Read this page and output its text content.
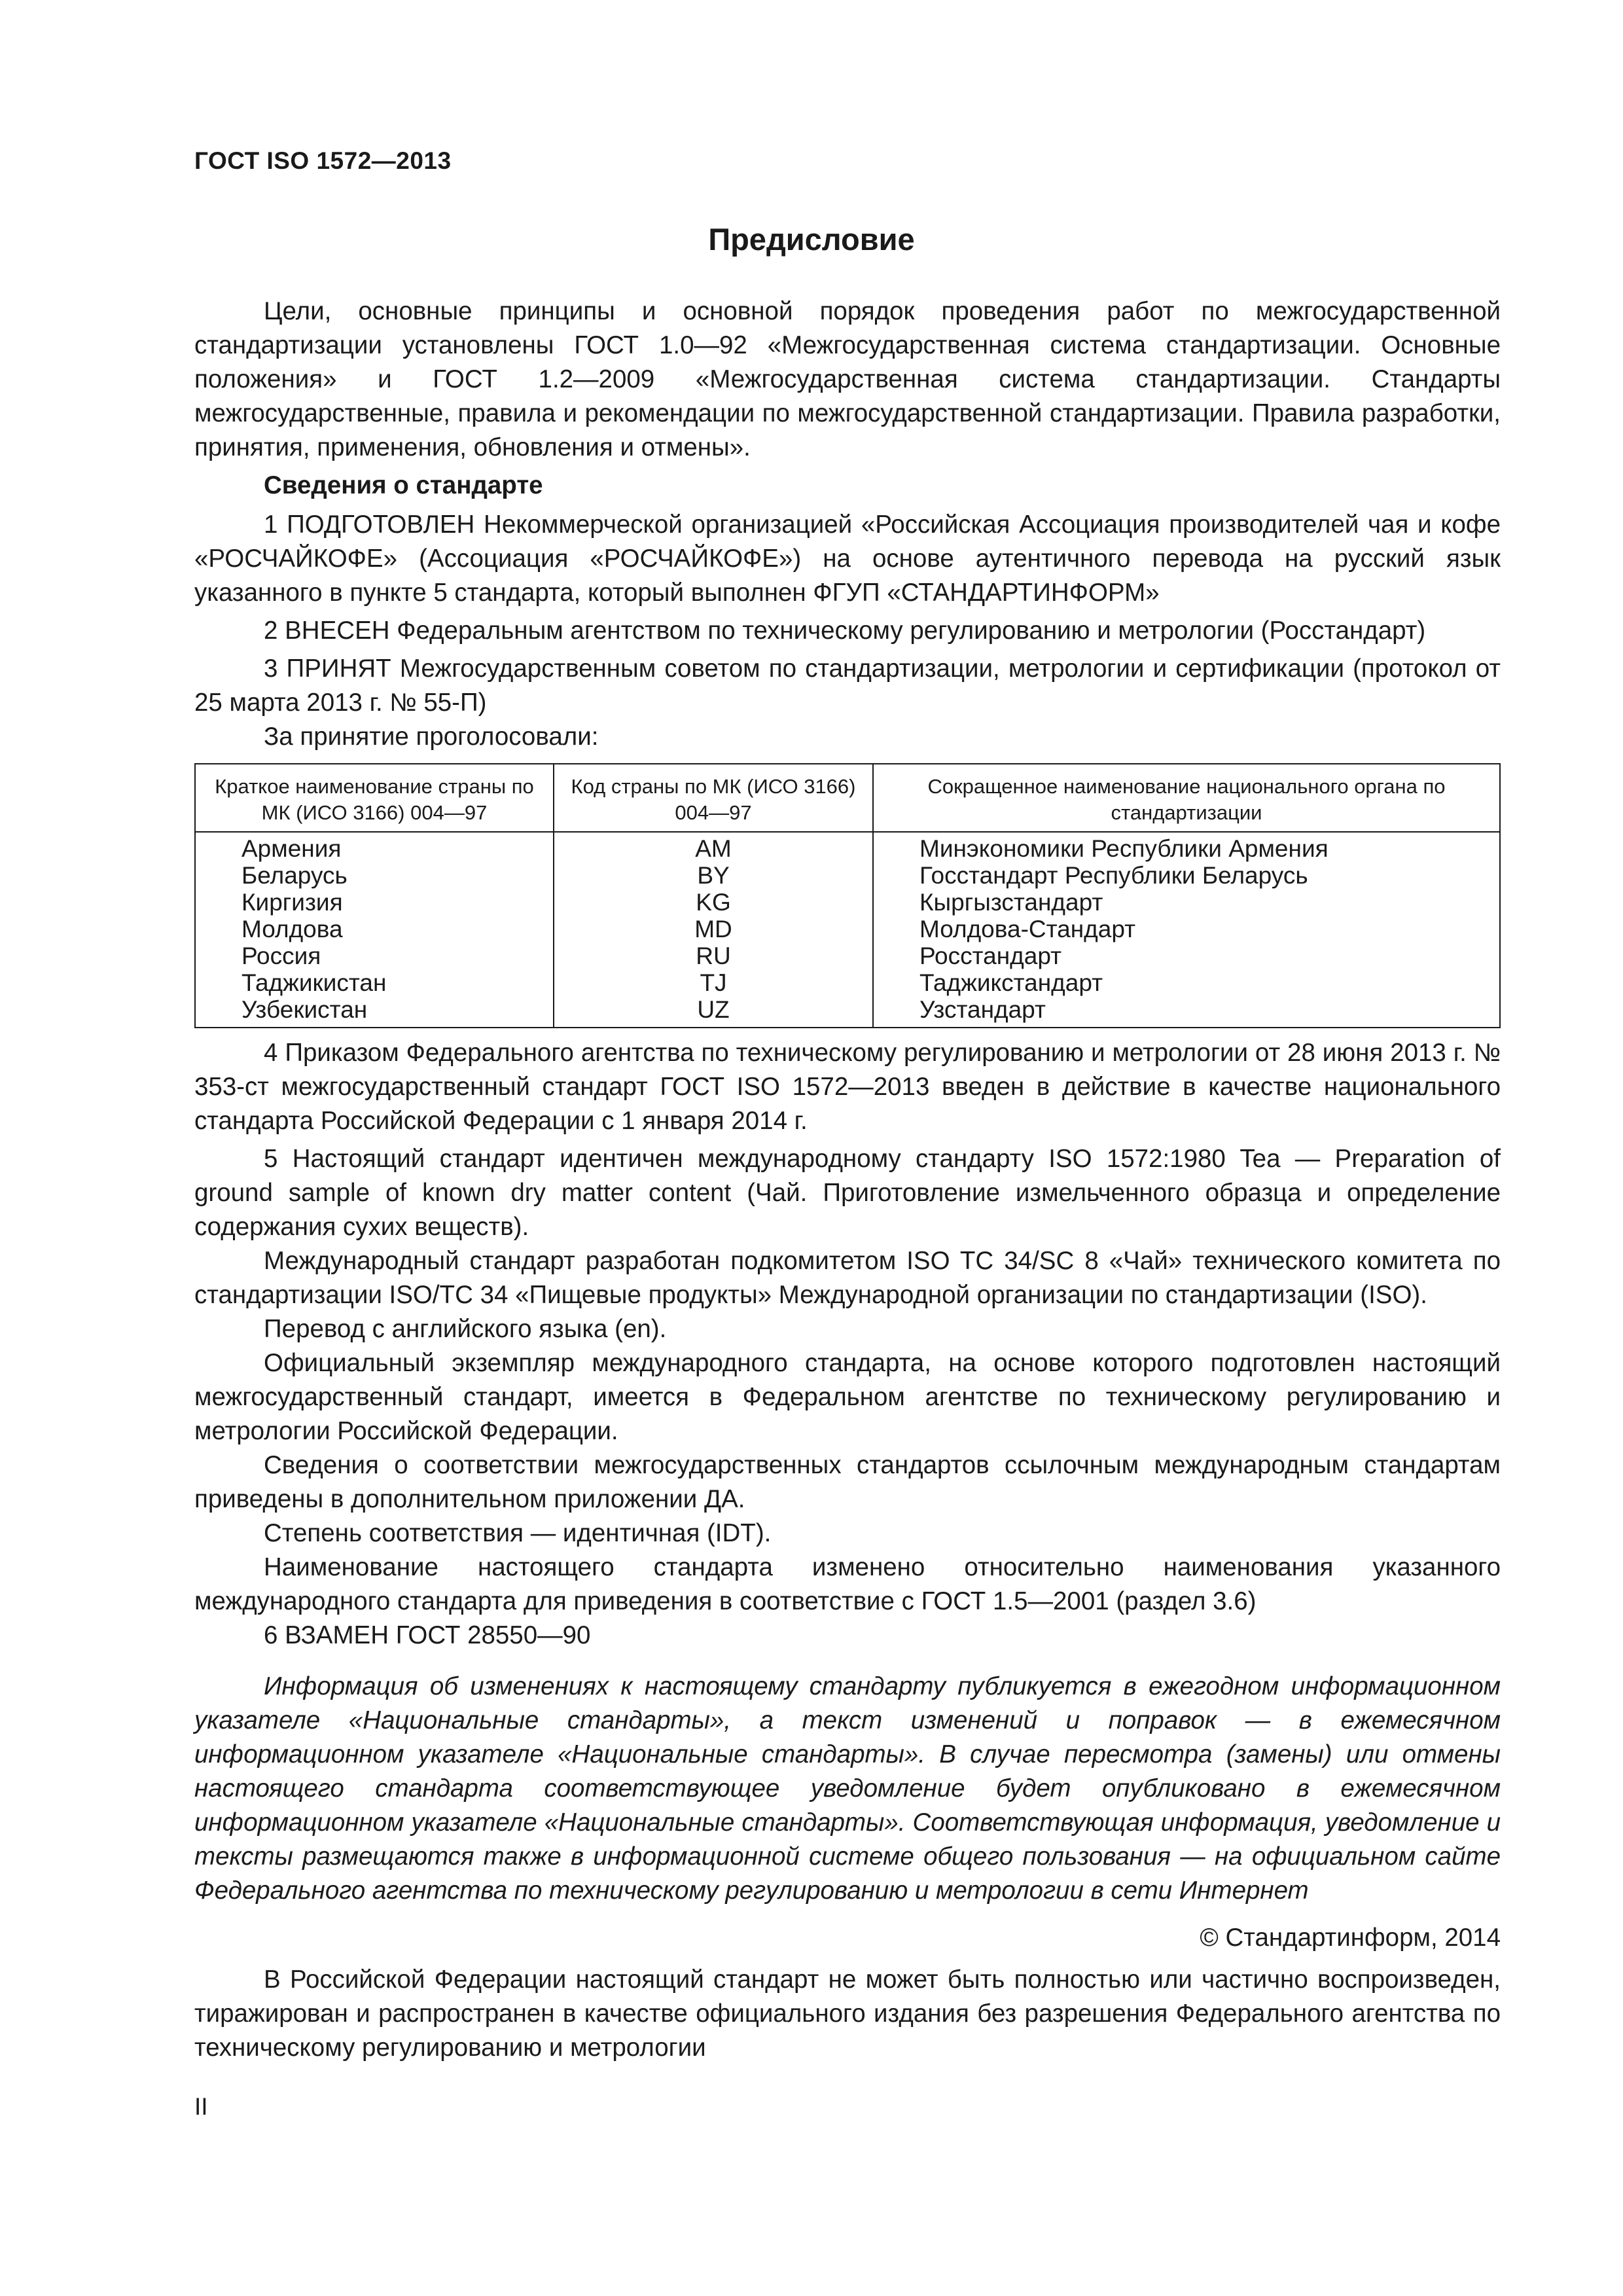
ГОСТ ISO 1572—2013
Предисловие

Цели, основные принципы и основной порядок проведения работ по межгосударственной стандартизации установлены ГОСТ 1.0—92 «Межгосударственная система стандартизации. Основные положения» и ГОСТ 1.2—2009 «Межгосударственная система стандартизации. Стандарты межгосударственные, правила и рекомендации по межгосударственной стандартизации. Правила разработки, принятия, применения, обновления и отмены».

Сведения о стандарте

1 ПОДГОТОВЛЕН Некоммерческой организацией «Российская Ассоциация производителей чая и кофе «РОСЧАЙКОФЕ» (Ассоциация «РОСЧАЙКОФЕ») на основе аутентичного перевода на русский язык указанного в пункте 5 стандарта, который выполнен ФГУП «СТАНДАРТИНФОРМ»

2 ВНЕСЕН Федеральным агентством по техническому регулированию и метрологии (Росстандарт)

3 ПРИНЯТ Межгосударственным советом по стандартизации, метрологии и сертификации (протокол от 25 марта 2013 г. № 55-П)

За принятие проголосовали:

Краткое наименование страны по МК (ИСО 3166) 004—97	Код страны по МК (ИСО 3166) 004—97	Сокращенное наименование национального органа по стандартизации
Армения	AM	Минэкономики Республики Армения
Беларусь	BY	Госстандарт Республики Беларусь
Киргизия	KG	Кыргызстандарт
Молдова	MD	Молдова-Стандарт
Россия	RU	Росстандарт
Таджикистан	TJ	Таджикстандарт
Узбекистан	UZ	Узстандарт

4 Приказом Федерального агентства по техническому регулированию и метрологии от 28 июня 2013 г. № 353-ст межгосударственный стандарт ГОСТ ISO 1572—2013 введен в действие в качестве национального стандарта Российской Федерации с 1 января 2014 г.

5 Настоящий стандарт идентичен международному стандарту ISO 1572:1980 Tea — Preparation of ground sample of known dry matter content (Чай. Приготовление измельченного образца и определение содержания сухих веществ).

Международный стандарт разработан подкомитетом ISO TC 34/SC 8 «Чай» технического комитета по стандартизации ISO/TC 34 «Пищевые продукты» Международной организации по стандартизации (ISO).

Перевод с английского языка (en).

Официальный экземпляр международного стандарта, на основе которого подготовлен настоящий межгосударственный стандарт, имеется в Федеральном агентстве по техническому регулированию и метрологии Российской Федерации.

Сведения о соответствии межгосударственных стандартов ссылочным международным стандартам приведены в дополнительном приложении ДА.

Степень соответствия — идентичная (IDT).

Наименование настоящего стандарта изменено относительно наименования указанного международного стандарта для приведения в соответствие с ГОСТ 1.5—2001 (раздел 3.6)

6 ВЗАМЕН ГОСТ 28550—90

Информация об изменениях к настоящему стандарту публикуется в ежегодном информационном указателе «Национальные стандарты», а текст изменений и поправок — в ежемесячном информационном указателе «Национальные стандарты». В случае пересмотра (замены) или отмены настоящего стандарта соответствующее уведомление будет опубликовано в ежемесячном информационном указателе «Национальные стандарты». Соответствующая информация, уведомление и тексты размещаются также в информационной системе общего пользования — на официальном сайте Федерального агентства по техническому регулированию и метрологии в сети Интернет

© Стандартинформ, 2014

В Российской Федерации настоящий стандарт не может быть полностью или частично воспроизведен, тиражирован и распространен в качестве официального издания без разрешения Федерального агентства по техническому регулированию и метрологии

II
